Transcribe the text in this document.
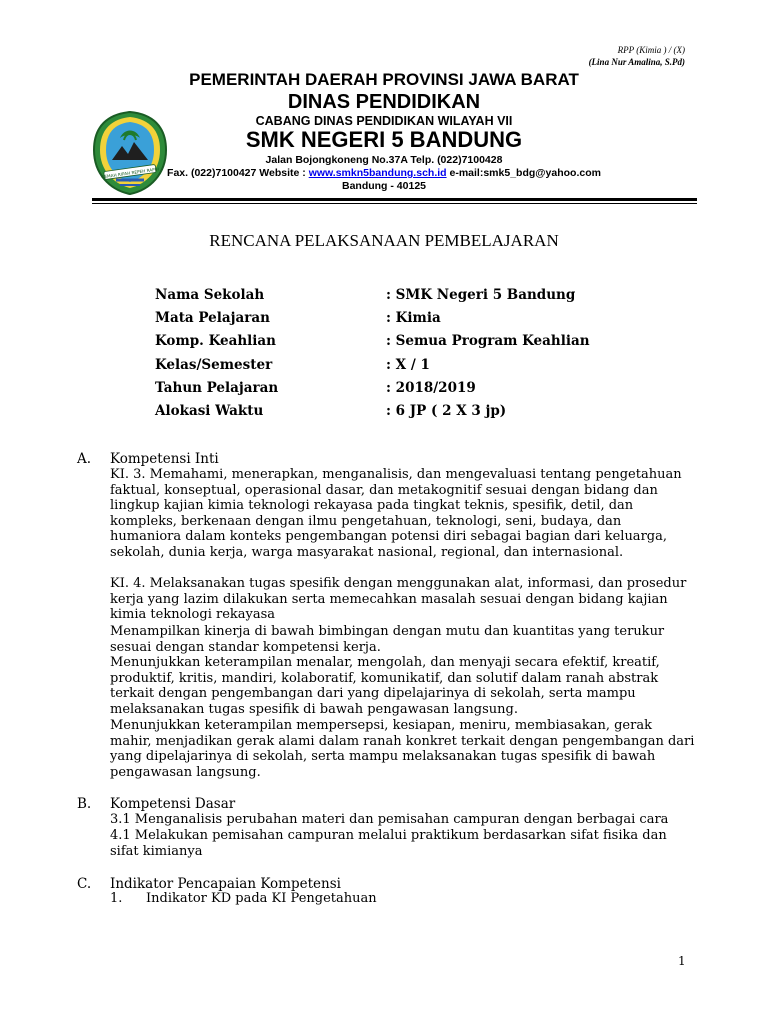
RPP (Kimia ) / (X)
(Lina Nur Amalina, S.Pd)
GEMAH RIPAH REPEH RAPIH
PEMERINTAH DAERAH PROVINSI JAWA BARAT
DINAS PENDIDIKAN
CABANG DINAS PENDIDIKAN WILAYAH VII
SMK NEGERI 5 BANDUNG
Jalan Bojongkoneng No.37A Telp. (022)7100428
Fax. (022)7100427 Website : www.smkn5bandung.sch.id e-mail:smk5_bdg@yahoo.com
Bandung - 40125
RENCANA PELAKSANAAN PEMBELAJARAN
Nama Sekolah	: SMK Negeri 5 Bandung
Mata Pelajaran	: Kimia
Komp. Keahlian	: Semua Program Keahlian
Kelas/Semester	: X / 1
Tahun Pelajaran	: 2018/2019
Alokasi Waktu	: 6 JP ( 2 X 3 jp)
A. Kompetensi Inti
KI. 3. Memahami, menerapkan, menganalisis, dan mengevaluasi tentang pengetahuan faktual, konseptual, operasional dasar, dan metakognitif sesuai dengan bidang dan lingkup kajian kimia teknologi rekayasa pada tingkat teknis, spesifik, detil, dan kompleks, berkenaan dengan ilmu pengetahuan, teknologi, seni, budaya, dan humaniora dalam konteks pengembangan potensi diri sebagai bagian dari keluarga, sekolah, dunia kerja, warga masyarakat nasional, regional, dan internasional.
KI. 4. Melaksanakan tugas spesifik dengan menggunakan alat, informasi, dan prosedur kerja yang lazim dilakukan serta memecahkan masalah sesuai dengan bidang kajian kimia teknologi rekayasa
Menampilkan kinerja di bawah bimbingan dengan mutu dan kuantitas yang terukur sesuai dengan standar kompetensi kerja.
Menunjukkan keterampilan menalar, mengolah, dan menyaji secara efektif, kreatif, produktif, kritis, mandiri, kolaboratif, komunikatif, dan solutif dalam ranah abstrak terkait dengan pengembangan dari yang dipelajarinya di sekolah, serta mampu melaksanakan tugas spesifik di bawah pengawasan langsung.
Menunjukkan keterampilan mempersepsi, kesiapan, meniru, membiasakan, gerak mahir, menjadikan gerak alami dalam ranah konkret terkait dengan pengembangan dari yang dipelajarinya di sekolah, serta mampu melaksanakan tugas spesifik di bawah pengawasan langsung.
B. Kompetensi Dasar
3.1 Menganalisis perubahan materi dan pemisahan campuran dengan berbagai cara
4.1 Melakukan pemisahan campuran melalui praktikum berdasarkan sifat fisika dan sifat kimianya
C. Indikator Pencapaian Kompetensi
1. Indikator KD pada KI Pengetahuan
1
